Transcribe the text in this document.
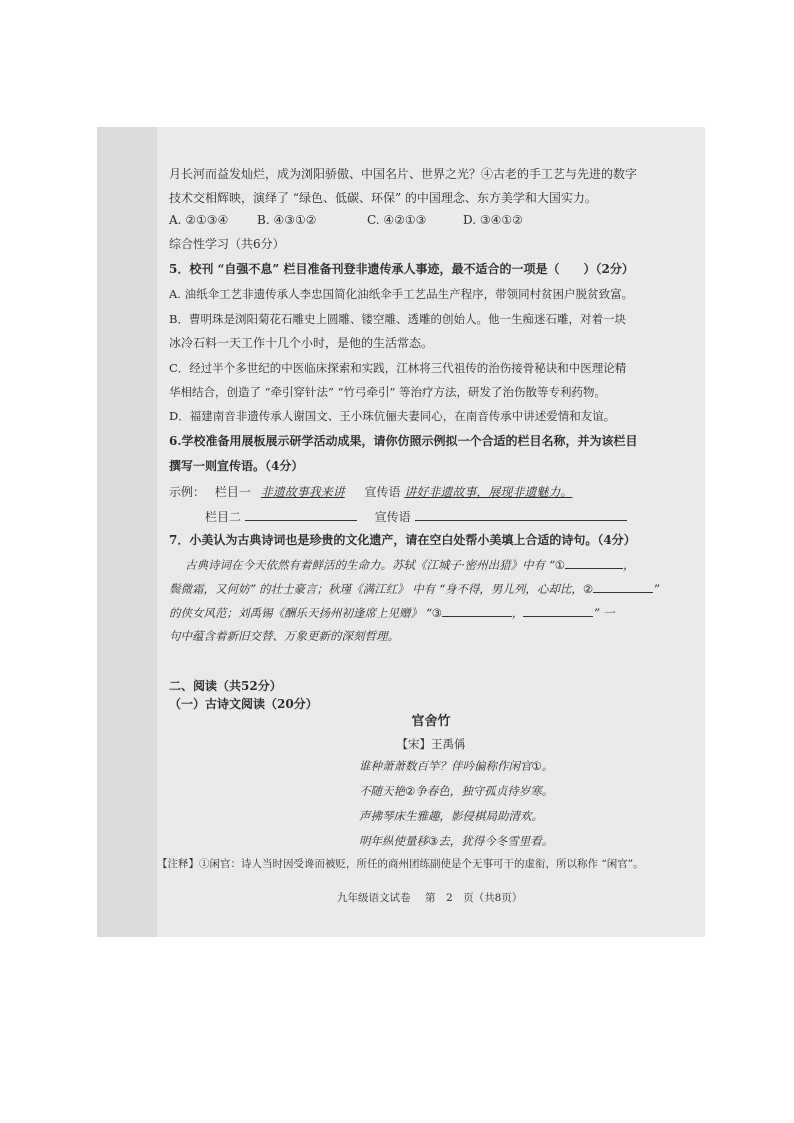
月长河而益发灿烂，成为浏阳骄傲、中国名片、世界之光？④古老的手工艺与先进的数字
技术交相辉映，演绎了 “绿色、低碳、环保” 的中国理念、东方美学和大国实力。
A. ②①③④ B. ④③①②	C. ④②①③	D. ③④①②
综合性学习（共6分）
5．校刊 “自强不息” 栏目准备刊登非遗传承人事迹，最不适合的一项是（　　）（2分）
A. 油纸伞工艺非遗传承人李忠国简化油纸伞手工艺品生产程序，带领同村贫困户脱贫致富。
B．曹明珠是浏阳菊花石雕史上圆雕、镂空雕、透雕的创始人。他一生痴迷石雕，对着一块
冰冷石料一天工作十几个小时，是他的生活常态。
C．经过半个多世纪的中医临床探索和实践，江林将三代祖传的治伤接骨秘诀和中医理论精
华相结合，创造了 “牵引穿针法” “竹弓牵引” 等治疗方法，研发了治伤散等专利药物。
D．福建南音非遗传承人谢国文、王小珠伉俪夫妻同心，在南音传承中讲述爱情和友谊。
6.学校准备用展板展示研学活动成果，请你仿照示例拟一个合适的栏目名称，并为该栏目
撰写一则宣传语。（4分）
示例： 栏目一 非遗故事我来讲 宣传语 讲好非遗故事，展现非遗魅力。
栏目二	宣传语
7．小美认为古典诗词也是珍贵的文化遗产，请在空白处帮小美填上合适的诗句。（4分）
古典诗词在今天依然有着鲜活的生命力。苏轼《江城子·密州出猎》中有 “①	，
鬓微霜，又何妨” 的壮士豪言；秋瑾《满江红》 中有 “身不得，男儿列，心却比，②	”
的侠女风范；刘禹锡《酬乐天扬州初逢席上见赠》 “③	，	” 一
句中蕴含着新旧交替、万象更新的深刻哲理。
二、阅读（共52分）
（一）古诗文阅读（20分）
官舍竹
【宋】王禹偁
谁种萧萧数百竿？伴吟偏称作闲官①。
不随天艳②争春色，独守孤贞待岁寒。
声拂琴床生雅趣，影侵棋局助清欢。
明年纵使量移③去，犹得今冬雪里看。
【注释】①闲官：诗人当时因受谗而被贬，所任的商州团练副使是个无事可干的虚衔，所以称作 “闲官”。
九年级语文试卷 第　2　页（共8页）
